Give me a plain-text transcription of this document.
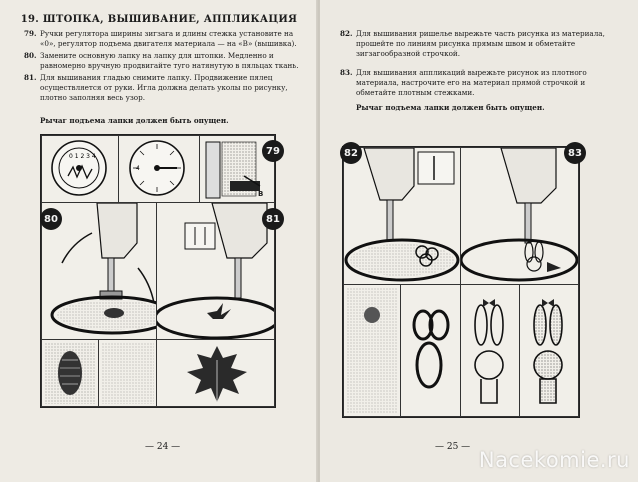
19. ШТОПКА, ВЫШИВАНИЕ, АППЛИКАЦИЯ
79. Ручки регулятора ширины зигзага и длины стежка установите на «0», регулятор подъема двигателя материала — на «В» (вышивка).
80. Замените основную лапку на лапку для штопки. Медленно и равномерно вручную продвигайте туго натянутую в пяльцах ткань.
81. Для вышивания гладью снимите лапку. Продвижение пялец осуществляется от руки. Игла должна делать уколы по рисунку, плотно заполняя весь узор.
Рычаг подъема лапки должен быть опущен.
0 1 2 3 4
4
B
79
80	81
— 24 —
82. Для вышивания ришелье вырежьте часть рисунка из материала, прошейте по линиям рисунка прямым швом и обметайте зигзагообразной строчкой.
83. Для вышивания аппликаций вырежьте рисунок из плотного материала, настрочите его на материал прямой строчкой и обметайте плотным стежками.
Рычаг подъема лапки должен быть опущен.
82	83
— 25 —
Nacekomie.ru
